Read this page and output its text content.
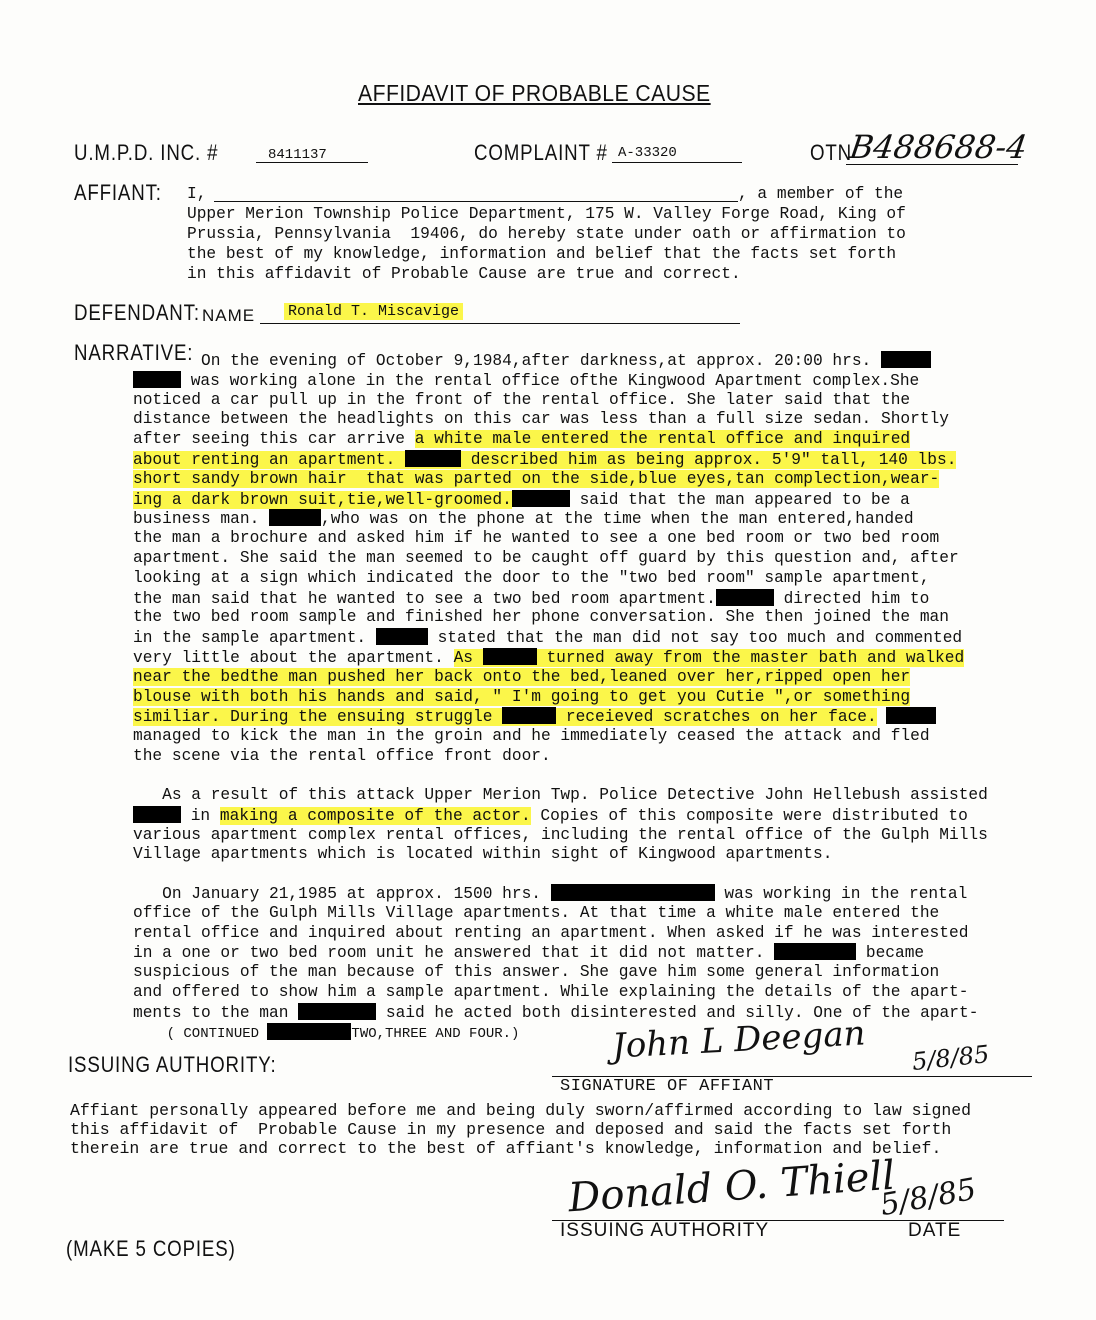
AFFIDAVIT OF PROBABLE CAUSE
U.M.P.D. INC. #	8411137	COMPLAINT # A-33320	OTN
B488688-4
AFFIANT: I,	, a member of the
Upper Merion Township Police Department, 175 W. Valley Forge Road, King of
Prussia, Pennsylvania  19406, do hereby state under oath or affirmation to
the best of my knowledge, information and belief that the facts set forth
in this affidavit of Probable Cause are true and correct.
DEFENDANT: NAME Ronald T. Miscavige
NARRATIVE: On the evening of October 9,1984,after darkness,at approx. 20:00 hrs.
was working alone in the rental office ofthe Kingwood Apartment complex.She
noticed a car pull up in the front of the rental office. She later said that the
distance between the headlights on this car was less than a full size sedan. Shortly
after seeing this car arrive a white male entered the rental office and inquired
about renting an apartment.	described him as being approx. 5'9" tall, 140 lbs.
short sandy brown hair  that was parted on the side,blue eyes,tan complection,wear-
ing a dark brown suit,tie,well-groomed.	said that the man appeared to be a
business man.	,who was on the phone at the time when the man entered,handed
the man a brochure and asked him if he wanted to see a one bed room or two bed room
apartment. She said the man seemed to be caught off guard by this question and, after
looking at a sign which indicated the door to the "two bed room" sample apartment,
the man said that he wanted to see a two bed room apartment.	directed him to
the two bed room sample and finished her phone conversation. She then joined the man
in the sample apartment.	stated that the man did not say too much and commented
very little about the apartment. As	turned away from the master bath and walked
near the bedthe man pushed her back onto the bed,leaned over her,ripped open her
blouse with both his hands and said, " I'm going to get you Cutie ",or something
similiar. During the ensuing struggle	receieved scratches on her face.
managed to kick the man in the groin and he immediately ceased the attack and fled
the scene via the rental office front door.
As a result of this attack Upper Merion Twp. Police Detective John Hellebush assisted
in making a composite of the actor. Copies of this composite were distributed to
various apartment complex rental offices, including the rental office of the Gulph Mills
Village apartments which is located within sight of Kingwood apartments.
On January 21,1985 at approx. 1500 hrs.	was working in the rental
office of the Gulph Mills Village apartments. At that time a white male entered the
rental office and inquired about renting an apartment. When asked if he was interested
in a one or two bed room unit he answered that it did not matter.	became
suspicious of the man because of this answer. She gave him some general information
and offered to show him a sample apartment. While explaining the details of the apart-
ments to the man	said he acted both disinterested and silly. One of the apart-
( CONTINUED	TWO,THREE AND FOUR.)
ISSUING AUTHORITY:	John L Deegan 5/8/85
SIGNATURE OF AFFIANT
Affiant personally appeared before me and being duly sworn/affirmed according to law signed
this affidavit of  Probable Cause in my presence and deposed and said the facts set forth
therein are true and correct to the best of affiant's knowledge, information and belief.
Donald O. Thiell
5/8/85
ISSUING AUTHORITY	DATE
(MAKE 5 COPIES)
